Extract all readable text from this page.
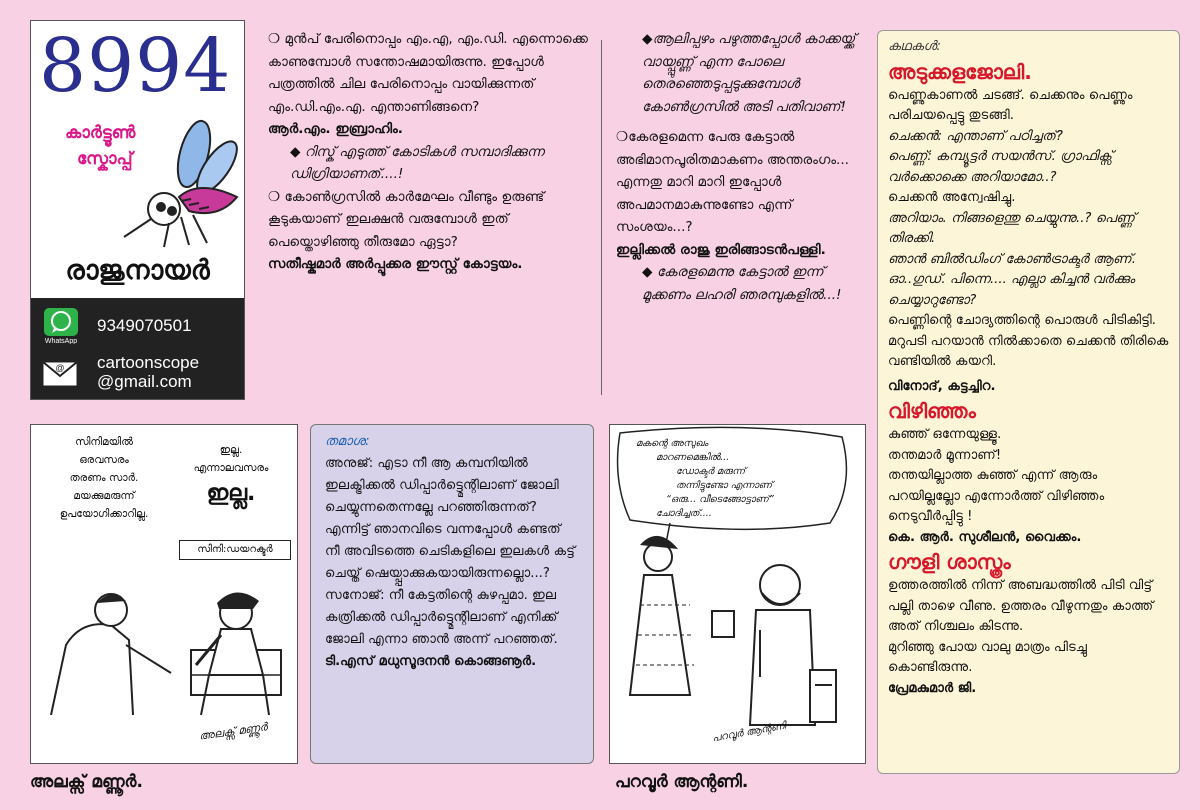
8994
കാർട്ടൂൺ
സ്കോപ്പ്
രാജുനായർ
WhatsApp
9349070501
@ cartoonscope
@gmail.com

❍ മുൻപ് പേരിനൊപ്പം എം.എ, എം.ഡി. എന്നൊക്കെ കാണുമ്പോൾ സന്തോഷമായിരുന്നു. ഇപ്പോൾ പത്രത്തിൽ ചില പേരിനൊപ്പം വായിക്കുന്നത് എം.ഡി.എം.എ. എന്താണിങ്ങനെ?

ആർ.എം. ഇബ്രാഹിം.

◆ റിസ്ക് എടുത്ത് കോടികൾ സമ്പാദിക്കുന്ന ഡിഗ്രിയാണത്....!

❍ കോൺഗ്രസിൽ കാർമേഘം വീണ്ടും ഉരുണ്ട് കൂടുകയാണ് ഇലക്ഷൻ വരുമ്പോൾ ഇത് പെയ്തൊഴിഞ്ഞു തീരുമോ ഏട്ടാ?

സതീഷ്കുമാർ അർപ്പൂക്കര ഈസ്റ്റ് കോട്ടയം.

◆ആലിപ്പഴം പഴുത്തപ്പോൾ കാക്കയ്ക്ക് വായ്പ്പുണ്ണ് എന്ന പോലെ തെരഞ്ഞെടുപ്പടുക്കുമ്പോൾ കോൺഗ്രസിൽ അടി പതിവാണ്!

❍കേരളമെന്ന പേരു കേട്ടാൽ അഭിമാനപൂരിതമാകണം അന്തരംഗം... എന്നതു മാറി മാറി ഇപ്പോൾ അപമാനമാകുന്നുണ്ടോ എന്ന് സംശയം...?

ഇല്ലിക്കൽ രാജു ഇരിങ്ങാടൻപള്ളി.

◆ കേരളമെന്നു കേട്ടാൽ ഇന്ന് മൂക്കണം ലഹരി ഞരമ്പുകളിൽ...!

കഥകൾ:

അടുക്കളജോലി.

പെണ്ണുകാണൽ ചടങ്ങ്. ചെക്കനും പെണ്ണും പരിചയപ്പെട്ടു തുടങ്ങി.

ചെക്കൻ: എന്താണ് പഠിച്ചത്?

പെണ്ണ്: കമ്പ്യൂട്ടർ സയൻസ്. ഗ്രാഫിക്സ് വർക്കൊക്കെ അറിയാമോ..?

ചെക്കൻ അന്വേഷിച്ചു.

അറിയാം. നിങ്ങളെന്തു ചെയ്യുന്നു..? പെണ്ണ് തിരക്കി.

ഞാൻ ബിൽഡിംഗ് കോൺട്രാക്ടർ ആണ്.

ഓ..ഗുഡ്. പിന്നെ.... എല്ലാ കിച്ചൻ വർക്കും ചെയ്യാറുണ്ടോ?

പെണ്ണിന്റെ ചോദ്യത്തിന്റെ പൊരുൾ പിടികിട്ടി. മറുപടി പറയാൻ നിൽക്കാതെ ചെക്കൻ തിരികെ വണ്ടിയിൽ കയറി.

വിനോദ്, കട്ടച്ചിറ.

വിഴിഞ്ഞം

കുഞ്ഞ് ഒന്നേയുള്ളൂ.

തന്തമാർ മൂന്നാണ്!

തന്തയില്ലാത്ത കുഞ്ഞ് എന്ന് ആരും പറയില്ലല്ലോ എന്നോർത്ത് വിഴിഞ്ഞം നെടുവീർപ്പിട്ടു !

കെ. ആർ. സുശീലൻ, വൈക്കം.

ഗൗളി ശാസ്ത്രം

ഉത്തരത്തിൽ നിന്ന് അബദ്ധത്തിൽ പിടി വിട്ട് പല്ലി താഴെ വീണു. ഉത്തരം വീഴുന്നതും കാത്ത് അത് നിശ്ചലം കിടന്നു.

മുറിഞ്ഞു പോയ വാലു മാത്രം പിടച്ചു കൊണ്ടിരുന്നു.

പ്രേമകുമാർ ജി.

സിനിമയിൽ
ഒരവസരം
തരണം സാർ.
മയക്കുമരുന്ന്
ഉപയോഗിക്കാറില്ല.
ഇല്ല.
എന്നാലവസരം
ഇല്ല.
സിനി:ഡയറക്ടർ
അലക്സ് മണ്ണൂർ
അലക്സ് മണ്ണൂർ.

തമാശ:

അനുജ്: എടാ നീ ആ കമ്പനിയിൽ ഇലക്ട്രിക്കൽ ഡിപ്പാർട്ട്മെന്റിലാണ് ജോലി ചെയ്യുന്നതെന്നല്ലേ പറഞ്ഞിരുന്നത്? എന്നിട്ട് ഞാനവിടെ വന്നപ്പോൾ കണ്ടത് നീ അവിടത്തെ ചെടികളിലെ ഇലകൾ കട്ട് ചെയ്ത് ഷെയ്പ്പാക്കുകയായിരുന്നല്ലൊ...?

സനോജ്: നീ കേട്ടതിന്റെ കുഴപ്പമാ. ഇല കത്രിക്കൽ ഡിപ്പാർട്ട്മെന്റിലാണ് എനിക്ക് ജോലി എന്നാ ഞാൻ അന്ന് പറഞ്ഞത്.

ടി.എസ് മധുസൂദനൻ കൊങ്ങണൂർ.

മകന്റെ അസുഖം
മാറണമെങ്കിൽ...
ഡോക്ടർ മരുന്ന്
തന്നിട്ടുണ്ടോ എന്നാണ്
“ഒരു... വീടെങ്ങോട്ടാണ്”
ചോദിച്ചത്....
പറവൂർ ആന്റണി
പറവൂർ ആന്റണി.
